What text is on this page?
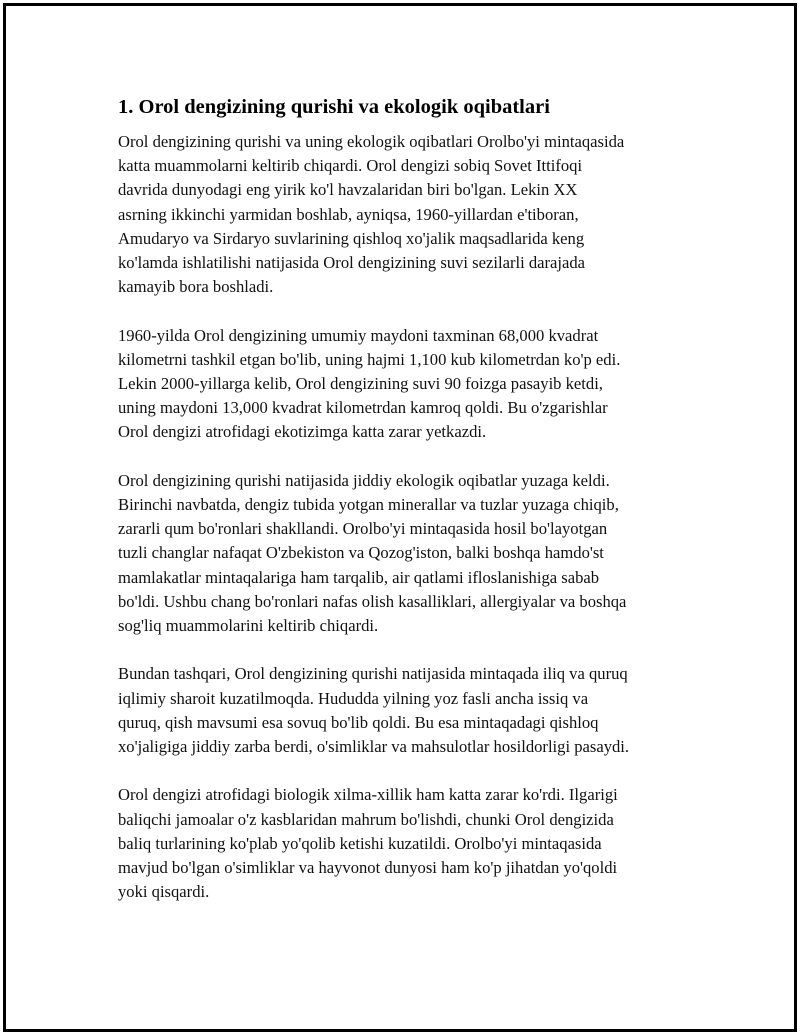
1. Orol dengizining qurishi va ekologik oqibatlari

Orol dengizining qurishi va uning ekologik oqibatlari Orolbo'yi mintaqasida
katta muammolarni keltirib chiqardi. Orol dengizi sobiq Sovet Ittifoqi
davrida dunyodagi eng yirik ko'l havzalaridan biri bo'lgan. Lekin XX
asrning ikkinchi yarmidan boshlab, ayniqsa, 1960-yillardan e'tiboran,
Amudaryo va Sirdaryo suvlarining qishloq xo'jalik maqsadlarida keng
ko'lamda ishlatilishi natijasida Orol dengizining suvi sezilarli darajada
kamayib bora boshladi.

1960-yilda Orol dengizining umumiy maydoni taxminan 68,000 kvadrat
kilometrni tashkil etgan bo'lib, uning hajmi 1,100 kub kilometrdan ko'p edi.
Lekin 2000-yillarga kelib, Orol dengizining suvi 90 foizga pasayib ketdi,
uning maydoni 13,000 kvadrat kilometrdan kamroq qoldi. Bu o'zgarishlar
Orol dengizi atrofidagi ekotizimga katta zarar yetkazdi.

Orol dengizining qurishi natijasida jiddiy ekologik oqibatlar yuzaga keldi.
Birinchi navbatda, dengiz tubida yotgan minerallar va tuzlar yuzaga chiqib,
zararli qum bo'ronlari shakllandi. Orolbo'yi mintaqasida hosil bo'layotgan
tuzli changlar nafaqat O'zbekiston va Qozog'iston, balki boshqa hamdo'st
mamlakatlar mintaqalariga ham tarqalib, air qatlami ifloslanishiga sabab
bo'ldi. Ushbu chang bo'ronlari nafas olish kasalliklari, allergiyalar va boshqa
sog'liq muammolarini keltirib chiqardi.

Bundan tashqari, Orol dengizining qurishi natijasida mintaqada iliq va quruq
iqlimiy sharoit kuzatilmoqda. Hududda yilning yoz fasli ancha issiq va
quruq, qish mavsumi esa sovuq bo'lib qoldi. Bu esa mintaqadagi qishloq
xo'jaligiga jiddiy zarba berdi, o'simliklar va mahsulotlar hosildorligi pasaydi.

Orol dengizi atrofidagi biologik xilma-xillik ham katta zarar ko'rdi. Ilgarigi
baliqchi jamoalar o'z kasblaridan mahrum bo'lishdi, chunki Orol dengizida
baliq turlarining ko'plab yo'qolib ketishi kuzatildi. Orolbo'yi mintaqasida
mavjud bo'lgan o'simliklar va hayvonot dunyosi ham ko'p jihatdan yo'qoldi
yoki qisqardi.
